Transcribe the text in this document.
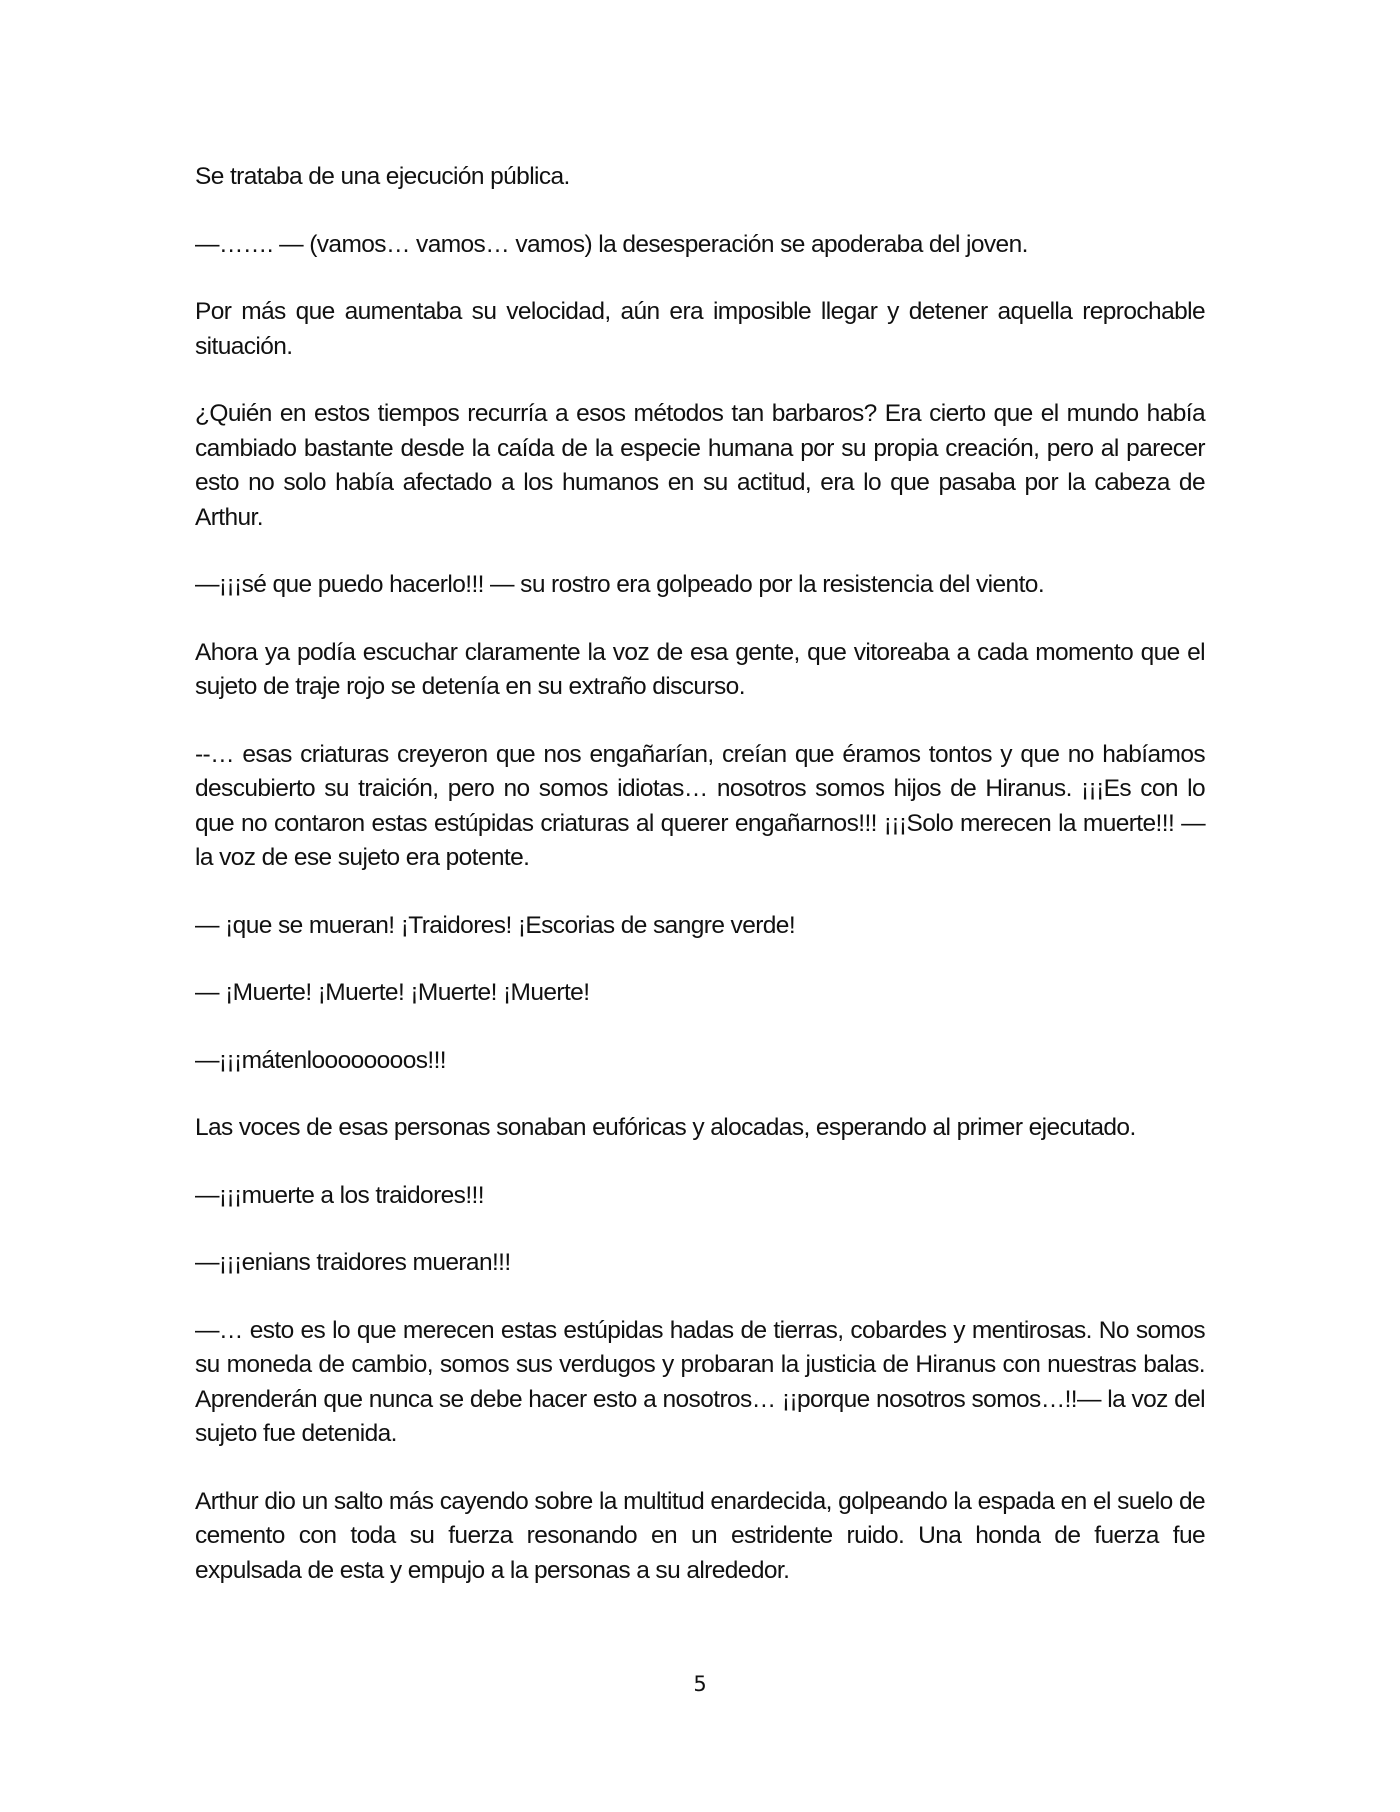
Se trataba de una ejecución pública.

—……. — (vamos… vamos… vamos) la desesperación se apoderaba del joven.

Por más que aumentaba su velocidad, aún era imposible llegar y detener aquella reprochable situación.

¿Quién en estos tiempos recurría a esos métodos tan barbaros? Era cierto que el mundo había cambiado bastante desde la caída de la especie humana por su propia creación, pero al parecer esto no solo había afectado a los humanos en su actitud, era lo que pasaba por la cabeza de Arthur.

—¡¡¡sé que puedo hacerlo!!! — su rostro era golpeado por la resistencia del viento.

Ahora ya podía escuchar claramente la voz de esa gente, que vitoreaba a cada momento que el sujeto de traje rojo se detenía en su extraño discurso.

--… esas criaturas creyeron que nos engañarían, creían que éramos tontos y que no habíamos descubierto su traición, pero no somos idiotas… nosotros somos hijos de Hiranus. ¡¡¡Es con lo que no contaron estas estúpidas criaturas al querer engañarnos!!! ¡¡¡Solo merecen la muerte!!! — la voz de ese sujeto era potente.

— ¡que se mueran! ¡Traidores! ¡Escorias de sangre verde!

— ¡Muerte! ¡Muerte! ¡Muerte! ¡Muerte!

—¡¡¡mátenloooooooos!!!

Las voces de esas personas sonaban eufóricas y alocadas, esperando al primer ejecutado.

—¡¡¡muerte a los traidores!!!

—¡¡¡enians traidores mueran!!!

—… esto es lo que merecen estas estúpidas hadas de tierras, cobardes y mentirosas. No somos su moneda de cambio, somos sus verdugos y probaran la justicia de Hiranus con nuestras balas. Aprenderán que nunca se debe hacer esto a nosotros… ¡¡porque nosotros somos…!!— la voz del sujeto fue detenida.

Arthur dio un salto más cayendo sobre la multitud enardecida, golpeando la espada en el suelo de cemento con toda su fuerza resonando en un estridente ruido. Una honda de fuerza fue expulsada de esta y empujo a la personas a su alrededor.

5
